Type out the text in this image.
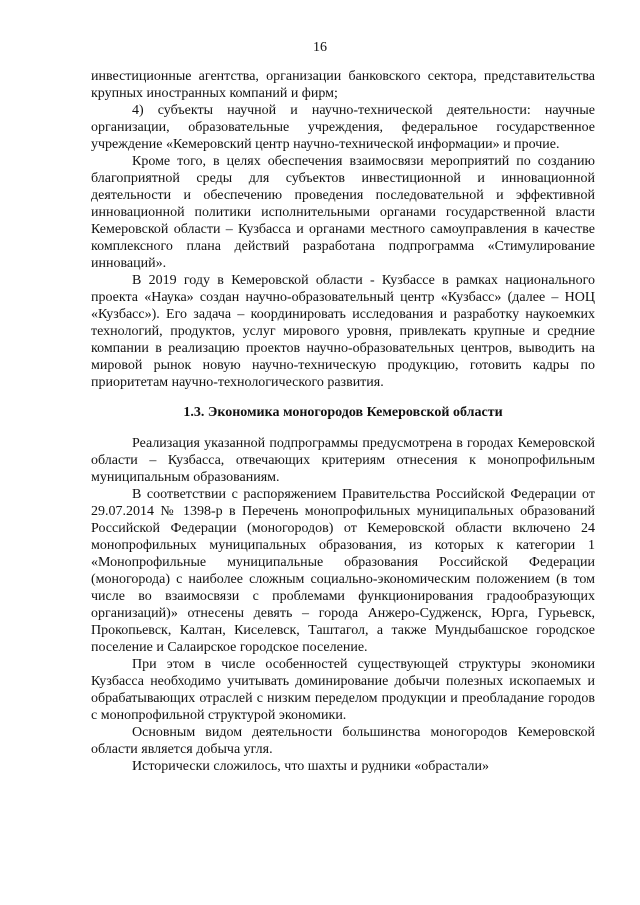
16

инвестиционные агентства, организации банковского сектора, представительства крупных иностранных компаний и фирм;

4) субъекты научной и научно-технической деятельности: научные организации, образовательные учреждения, федеральное государственное учреждение «Кемеровский центр научно-технической информации» и прочие.

Кроме того, в целях обеспечения взаимосвязи мероприятий по созданию благоприятной среды для субъектов инвестиционной и инновационной деятельности и обеспечению проведения последовательной и эффективной инновационной политики исполнительными органами государственной власти Кемеровской области – Кузбасса и органами местного самоуправления в качестве комплексного плана действий разработана подпрограмма «Стимулирование инноваций».

В 2019 году в Кемеровской области - Кузбассе в рамках национального проекта «Наука» создан научно-образовательный центр «Кузбасс» (далее – НОЦ «Кузбасс»). Его задача – координировать исследования и разработку наукоемких технологий, продуктов, услуг мирового уровня, привлекать крупные и средние компании в реализацию проектов научно-образовательных центров, выводить на мировой рынок новую научно-техническую продукцию, готовить кадры по приоритетам научно-технологического развития.

1.3. Экономика моногородов Кемеровской области

Реализация указанной подпрограммы предусмотрена в городах Кемеровской области – Кузбасса, отвечающих критериям отнесения к монопрофильным муниципальным образованиям.

В соответствии с распоряжением Правительства Российской Федерации от 29.07.2014 № 1398-р в Перечень монопрофильных муниципальных образований Российской Федерации (моногородов) от Кемеровской области включено 24 монопрофильных муниципальных образования, из которых к категории 1 «Монопрофильные муниципальные образования Российской Федерации (моногорода) с наиболее сложным социально-экономическим положением (в том числе во взаимосвязи с проблемами функционирования градообразующих организаций)» отнесены девять – города Анжеро-Судженск, Юрга, Гурьевск, Прокопьевск, Калтан, Киселевск, Таштагол, а также Мундыбашское городское поселение и Салаирское городское поселение.

При этом в числе особенностей существующей структуры экономики Кузбасса необходимо учитывать доминирование добычи полезных ископаемых и обрабатывающих отраслей с низким переделом продукции и преобладание городов с монопрофильной структурой экономики.

Основным видом деятельности большинства моногородов Кемеровской области является добыча угля.

Исторически сложилось, что шахты и рудники «обрастали»
